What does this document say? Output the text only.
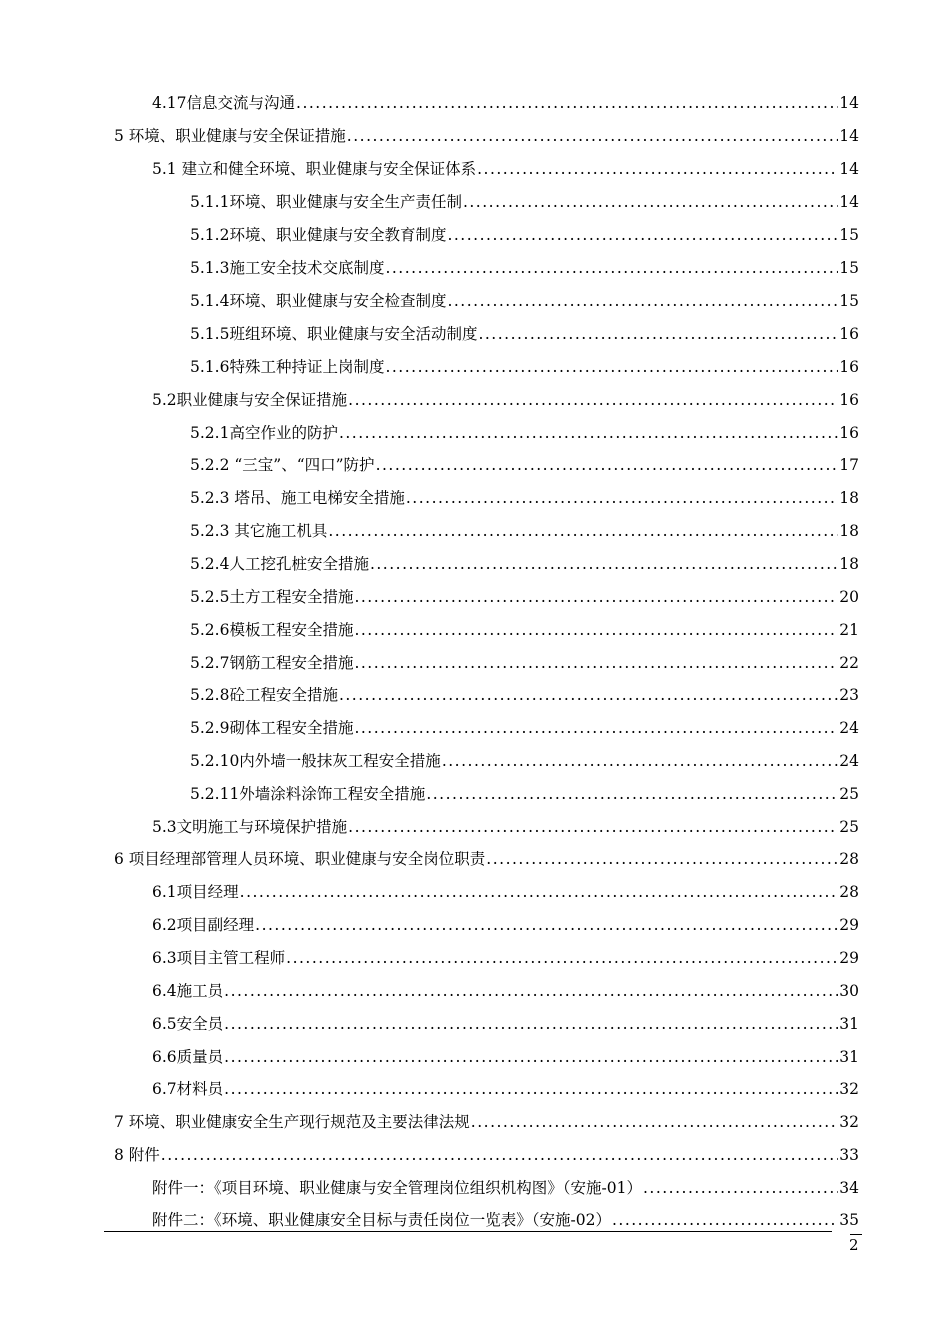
4.17信息交流与沟通 .....	14
5 环境、职业健康与安全保证措施 .....	14
5.1 建立和健全环境、职业健康与安全保证体系 .....	14
5.1.1环境、职业健康与安全生产责任制 .....	14
5.1.2环境、职业健康与安全教育制度 .....	15
5.1.3施工安全技术交底制度 .....	15
5.1.4环境、职业健康与安全检查制度 .....	15
5.1.5班组环境、职业健康与安全活动制度 .....	16
5.1.6特殊工种持证上岗制度 .....	16
5.2职业健康与安全保证措施 .....	16
5.2.1高空作业的防护 .....	16
5.2.2 “三宝”、“四口”防护 .....	17
5.2.3 塔吊、施工电梯安全措施 .....	18
5.2.3 其它施工机具 .....	18
5.2.4人工挖孔桩安全措施 .....	18
5.2.5土方工程安全措施 .....	20
5.2.6模板工程安全措施 .....	21
5.2.7钢筋工程安全措施 .....	22
5.2.8砼工程安全措施 .....	23
5.2.9砌体工程安全措施 .....	24
5.2.10内外墙一般抹灰工程安全措施 .....	24
5.2.11外墙涂料涂饰工程安全措施 .....	25
5.3文明施工与环境保护措施 .....	25
6 项目经理部管理人员环境、职业健康与安全岗位职责 .....	28
6.1项目经理 .....	28
6.2项目副经理 .....	29
6.3项目主管工程师 .....	29
6.4施工员 .....	30
6.5安全员 .....	31
6.6质量员 .....	31
6.7材料员 .....	32
7 环境、职业健康安全生产现行规范及主要法律法规 .....	32
8 附件 .....	33
附件一：《项目环境、职业健康与安全管理岗位组织机构图》（安施-01） .....	34
附件二：《环境、职业健康安全目标与责任岗位一览表》（安施-02） .....	35
2
